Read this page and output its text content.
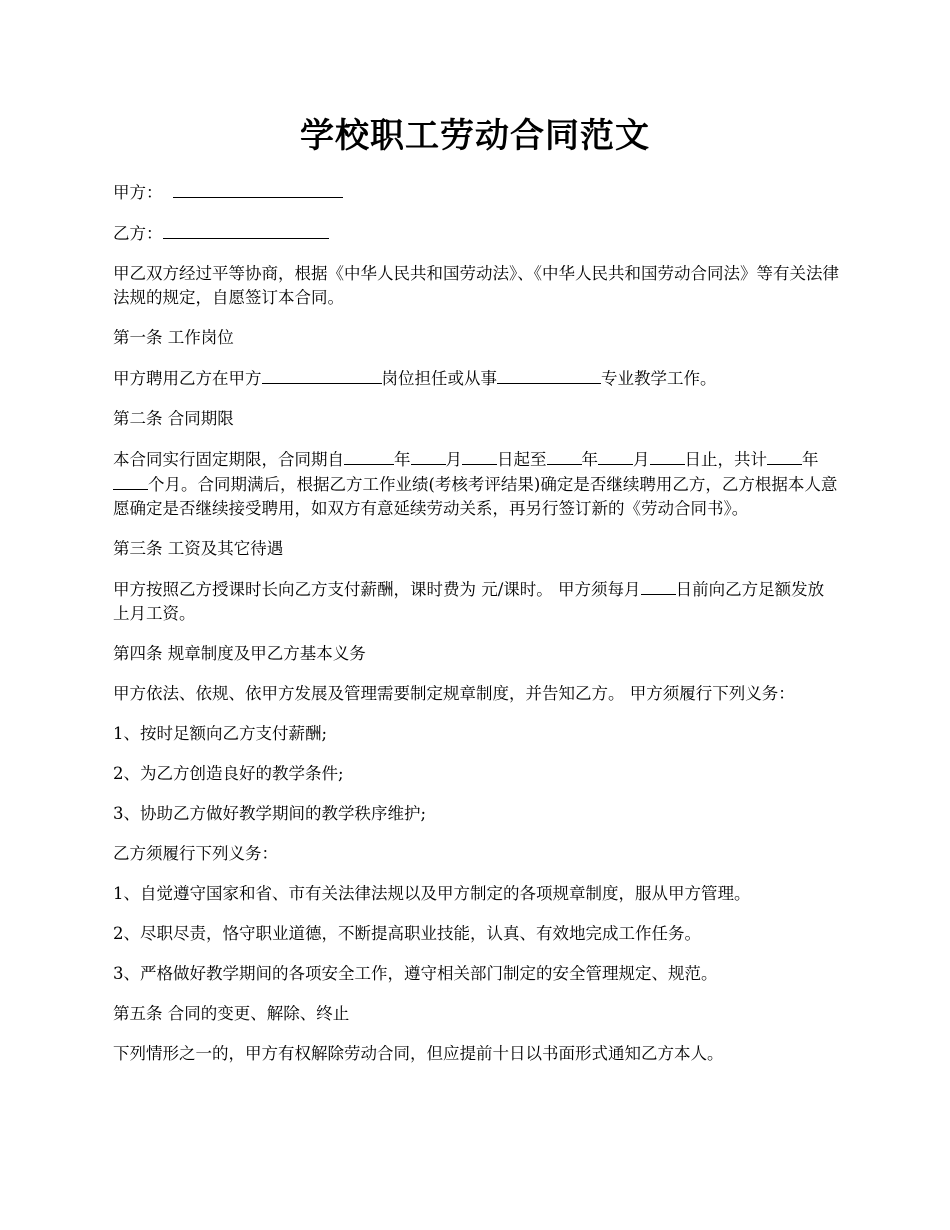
学校职工劳动合同范文

甲方：

乙方：

甲乙双方经过平等协商，根据《中华人民共和国劳动法》、《中华人民共和国劳动合同法》等有关法律法规的规定，自愿签订本合同。

第一条 工作岗位

甲方聘用乙方在甲方	岗位担任或从事	专业教学工作。

第二条 合同期限

本合同实行固定期限，合同期自	年 月 日起至 年 月 日止，共计 年个月。合同期满后，根据乙方工作业绩(考核考评结果)确定是否继续聘用乙方，乙方根据本人意愿确定是否继续接受聘用，如双方有意延续劳动关系，再另行签订新的《劳动合同书》。

第三条 工资及其它待遇

甲方按照乙方授课时长向乙方支付薪酬，课时费为 元/课时。 甲方须每月 日前向乙方足额发放上月工资。

第四条 规章制度及甲乙方基本义务

甲方依法、依规、依甲方发展及管理需要制定规章制度，并告知乙方。 甲方须履行下列义务：

1、按时足额向乙方支付薪酬;

2、为乙方创造良好的教学条件;

3、协助乙方做好教学期间的教学秩序维护;

乙方须履行下列义务：

1、自觉遵守国家和省、市有关法律法规以及甲方制定的各项规章制度，服从甲方管理。

2、尽职尽责，恪守职业道德，不断提高职业技能，认真、有效地完成工作任务。

3、严格做好教学期间的各项安全工作，遵守相关部门制定的安全管理规定、规范。

第五条 合同的变更、解除、终止

下列情形之一的，甲方有权解除劳动合同，但应提前十日以书面形式通知乙方本人。
